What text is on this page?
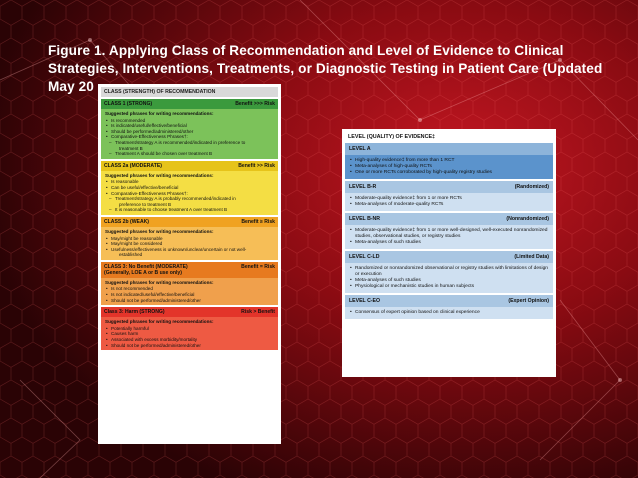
Figure 1. Applying Class of Recommendation and Level of Evidence to Clinical
Strategies, Interventions, Treatments, or Diagnostic Testing in Patient Care (Updated
May 20	CLASS (STRENGTH) OF RECOMMENDATION
CLASS 1 (STRONG)	Benefit >>> Risk
Suggested phrases for writing recommendations:
• Is recommended
• Is indicated/useful/effective/beneficial
• Should be performed/administered/other
• Comparative-Effectiveness Phrases†:
– Treatment/strategy A is recommended/indicated in preference to
treatment B
– Treatment A should be chosen over treatment B
CLASS 2a (MODERATE)	Benefit >> Risk
Suggested phrases for writing recommendations:
• Is reasonable
• Can be useful/effective/beneficial
• Comparative-Effectiveness Phrases†:
– Treatment/strategy A is probably recommended/indicated in
preference to treatment B
– It is reasonable to choose treatment A over treatment B
CLASS 2b (WEAK)	Benefit ≥ Risk
Suggested phrases for writing recommendations:
• May/might be reasonable
• May/might be considered
• Usefulness/effectiveness is unknown/unclear/uncertain or not well-
established
CLASS 3: No Benefit (MODERATE)
(Generally, LOE A or B use only)
Benefit = Risk
Suggested phrases for writing recommendations:
• Is not recommended
• Is not indicated/useful/effective/beneficial
• Should not be performed/administered/other
Class 3: Harm (STRONG)	Risk > Benefit
Suggested phrases for writing recommendations:
• Potentially harmful
• Causes harm
• Associated with excess morbidity/mortality
• Should not be performed/administered/other
LEVEL (QUALITY) OF EVIDENCE‡
LEVEL A
• High-quality evidence‡ from more than 1 RCT
• Meta-analyses of high-quality RCTs
• One or more RCTs corroborated by high-quality registry studies
LEVEL B-R	(Randomized)
• Moderate-quality evidence‡ from 1 or more RCTs
• Meta-analyses of moderate-quality RCTs
LEVEL B-NR	(Nonrandomized)
• Moderate-quality evidence‡ from 1 or more well-designed, well-executed nonrandomized studies, observational studies, or registry studies
• Meta-analyses of such studies
LEVEL C-LD	(Limited Data)
• Randomized or nonrandomized observational or registry studies with limitations of design or execution
• Meta-analyses of such studies
• Physiological or mechanistic studies in human subjects
LEVEL C-EO	(Expert Opinion)
• Consensus of expert opinion based on clinical experience
